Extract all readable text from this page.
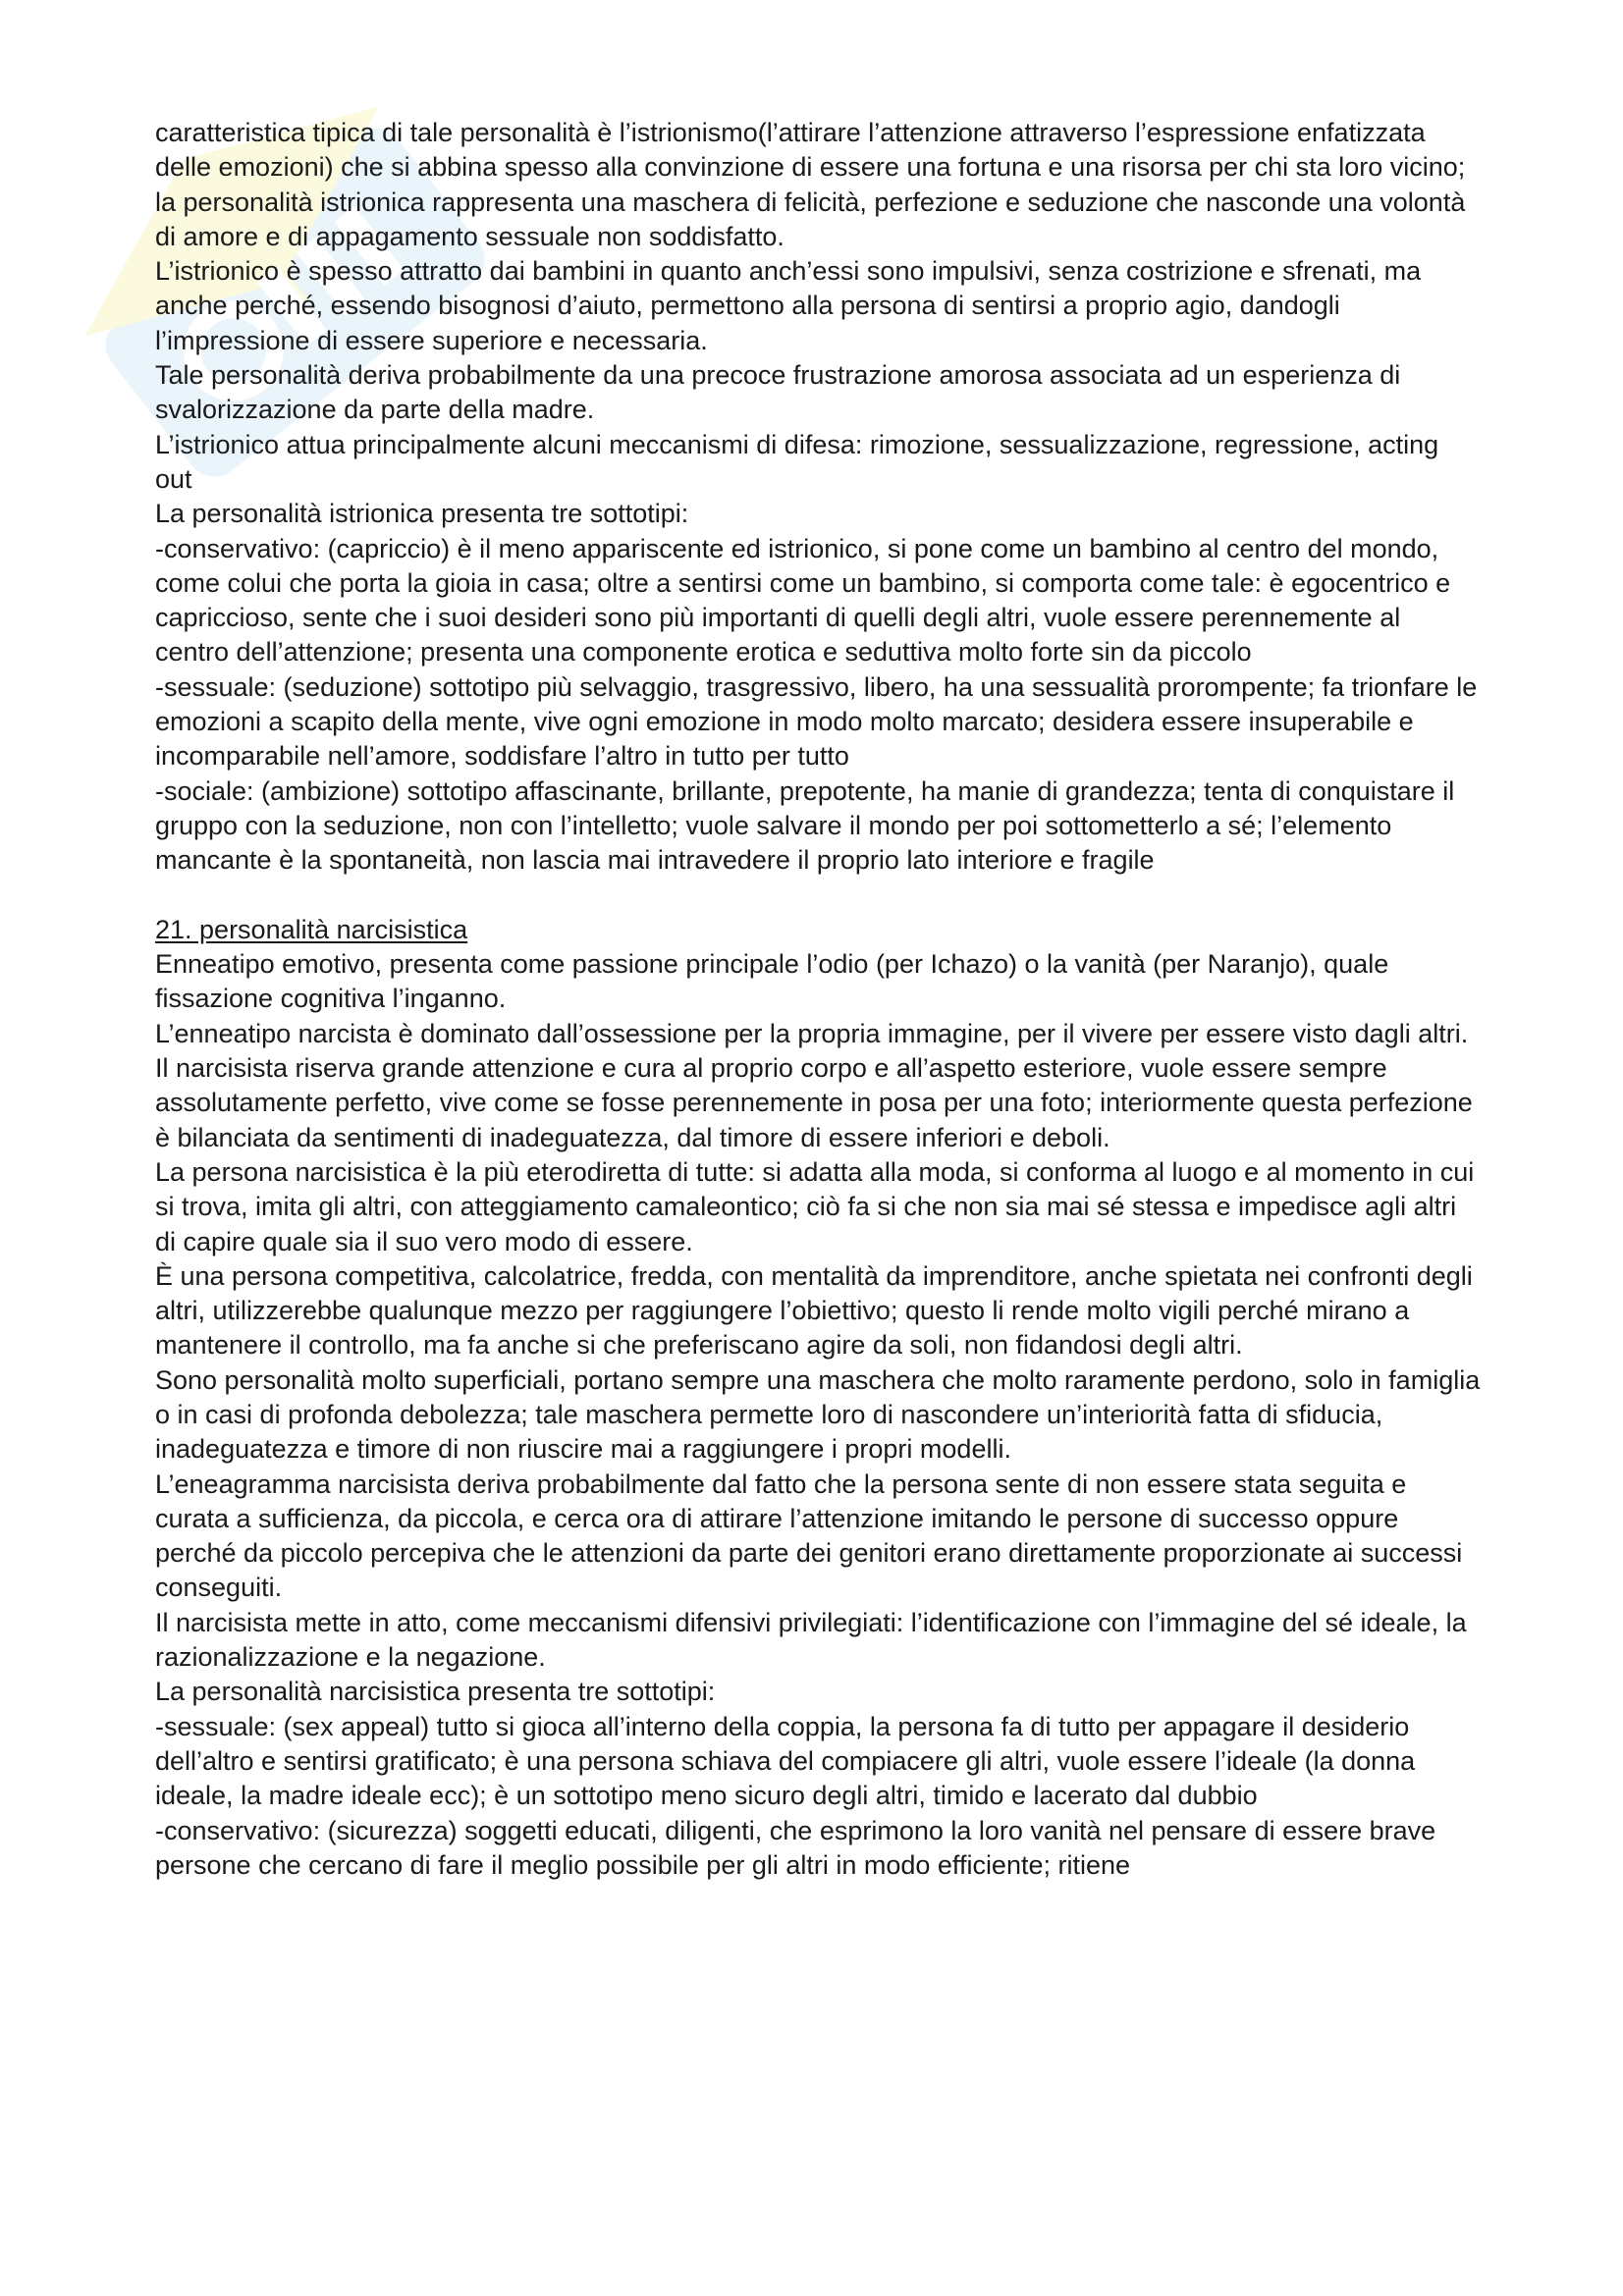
caratteristica tipica di tale personalità è l’istrionismo(l’attirare l’attenzione attraverso l’espressione enfatizzata delle emozioni) che si abbina spesso alla convinzione di essere una fortuna e una risorsa per chi sta loro vicino;

la personalità istrionica rappresenta una maschera di felicità, perfezione e seduzione che nasconde una volontà di amore e di appagamento sessuale non soddisfatto.

L’istrionico è spesso attratto dai bambini in quanto anch’essi sono impulsivi, senza costrizione e sfrenati, ma anche perché, essendo bisognosi d’aiuto, permettono alla persona di sentirsi a proprio agio, dandogli l’impressione di essere superiore e necessaria.

Tale personalità deriva probabilmente da una precoce frustrazione amorosa associata ad un esperienza di svalorizzazione da parte della madre.

L’istrionico attua principalmente alcuni meccanismi di difesa: rimozione, sessualizzazione, regressione, acting out

La personalità istrionica presenta tre sottotipi:

-conservativo: (capriccio) è il meno appariscente ed istrionico, si pone come un bambino al centro del mondo, come colui che porta la gioia in casa; oltre a sentirsi come un bambino, si comporta come tale: è egocentrico e capriccioso, sente che i suoi desideri sono più importanti di quelli degli altri, vuole essere perennemente al centro dell’attenzione; presenta una componente erotica e seduttiva molto forte sin da piccolo

-sessuale: (seduzione) sottotipo più selvaggio, trasgressivo, libero, ha una sessualità prorompente; fa trionfare le emozioni a scapito della mente, vive ogni emozione in modo molto marcato; desidera essere insuperabile e incomparabile nell’amore, soddisfare l’altro in tutto per tutto

-sociale: (ambizione) sottotipo affascinante, brillante, prepotente, ha manie di grandezza; tenta di conquistare il gruppo con la seduzione, non con l’intelletto; vuole salvare il mondo per poi sottometterlo a sé; l’elemento mancante è la spontaneità, non lascia mai intravedere il proprio lato interiore e fragile

21. personalità narcisistica

Enneatipo emotivo, presenta come passione principale l’odio (per Ichazo) o la vanità (per Naranjo), quale fissazione cognitiva l’inganno.

L’enneatipo narcista è dominato dall’ossessione per la propria immagine, per il vivere per essere visto dagli altri.

Il narcisista riserva grande attenzione e cura al proprio corpo e all’aspetto esteriore, vuole essere sempre assolutamente perfetto, vive come se fosse perennemente in posa per una foto; interiormente questa perfezione è bilanciata da sentimenti di inadeguatezza, dal timore di essere inferiori e deboli.

La persona narcisistica è la più eterodiretta di tutte: si adatta alla moda, si conforma al luogo e al momento in cui si trova, imita gli altri, con atteggiamento camaleontico; ciò fa si che non sia mai sé stessa e impedisce agli altri di capire quale sia il suo vero modo di essere.

È una persona competitiva, calcolatrice, fredda, con mentalità da imprenditore, anche spietata nei confronti degli altri, utilizzerebbe qualunque mezzo per raggiungere l’obiettivo; questo li rende molto vigili perché mirano a mantenere il controllo, ma fa anche si che preferiscano agire da soli, non fidandosi degli altri.

Sono personalità molto superficiali, portano sempre una maschera che molto raramente perdono, solo in famiglia o in casi di profonda debolezza; tale maschera permette loro di nascondere un’interiorità fatta di sfiducia, inadeguatezza e timore di non riuscire mai a raggiungere i propri modelli.

L’eneagramma narcisista deriva probabilmente dal fatto che la persona sente di non essere stata seguita e curata a sufficienza, da piccola, e cerca ora di attirare l’attenzione imitando le persone di successo oppure perché da piccolo percepiva che le attenzioni da parte dei genitori erano direttamente proporzionate ai successi conseguiti.

Il narcisista mette in atto, come meccanismi difensivi privilegiati: l’identificazione con l’immagine del sé ideale, la razionalizzazione e la negazione.

La personalità narcisistica presenta tre sottotipi:

-sessuale: (sex appeal) tutto si gioca all’interno della coppia, la persona fa di tutto per appagare il desiderio dell’altro e sentirsi gratificato; è una persona schiava del compiacere gli altri, vuole essere l’ideale (la donna ideale, la madre ideale ecc); è un sottotipo meno sicuro degli altri, timido e lacerato dal dubbio

-conservativo: (sicurezza) soggetti educati, diligenti, che esprimono la loro vanità nel pensare di essere brave persone che cercano di fare il meglio possibile per gli altri in modo efficiente; ritiene
